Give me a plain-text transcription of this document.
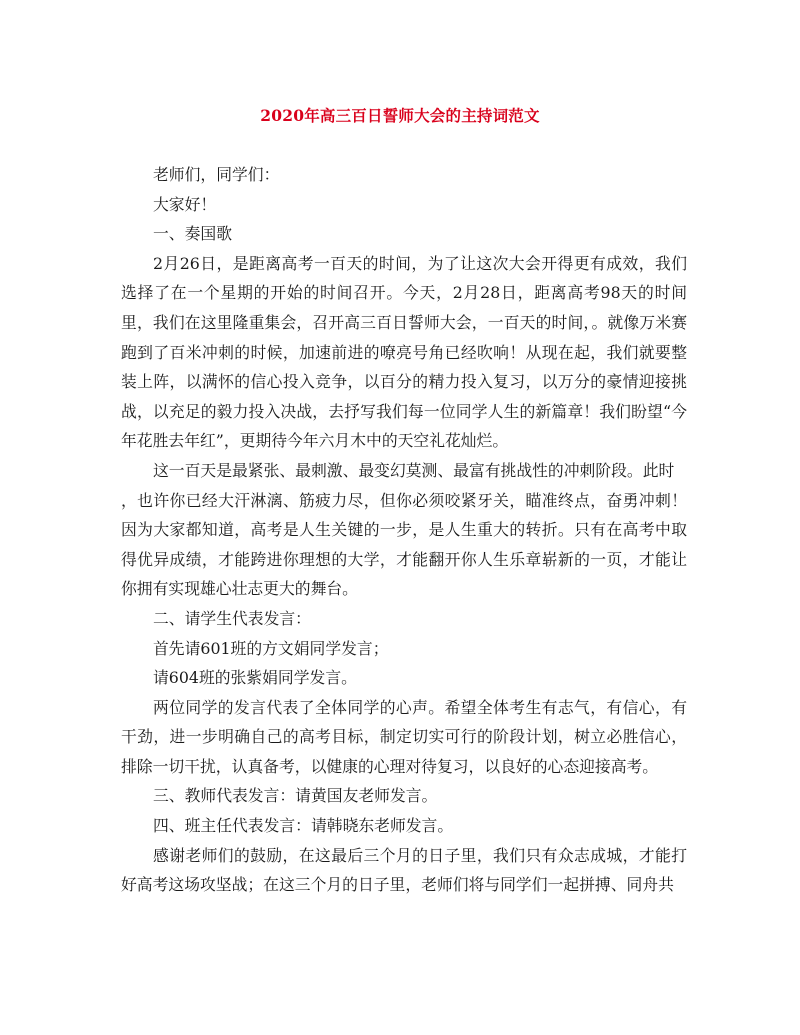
2020年高三百日誓师大会的主持词范文

老师们，同学们：

大家好！

一、奏国歌

2月26日，是距离高考一百天的时间，为了让这次大会开得更有成效，我们选择了在一个星期的开始的时间召开。今天，2月28日，距离高考98天的时间里，我们在这里隆重集会，召开高三百日誓师大会，一百天的时间，。就像万米赛跑到了百米冲刺的时候，加速前进的嘹亮号角已经吹响！从现在起，我们就要整装上阵，以满怀的信心投入竞争，以百分的精力投入复习，以万分的豪情迎接挑战，以充足的毅力投入决战，去抒写我们每一位同学人生的新篇章！我们盼望“今年花胜去年红”，更期待今年六月木中的天空礼花灿烂。

这一百天是最紧张、最刺激、最变幻莫测、最富有挑战性的冲刺阶段。此时

，也许你已经大汗淋漓、筋疲力尽，但你必须咬紧牙关，瞄准终点，奋勇冲刺！因为大家都知道，高考是人生关键的一步，是人生重大的转折。只有在高考中取得优异成绩，才能跨进你理想的大学，才能翻开你人生乐章崭新的一页，才能让你拥有实现雄心壮志更大的舞台。

二、请学生代表发言：

首先请601班的方文娟同学发言；

请604班的张紫娟同学发言。

两位同学的发言代表了全体同学的心声。希望全体考生有志气，有信心，有干劲，进一步明确自己的高考目标，制定切实可行的阶段计划，树立必胜信心，排除一切干扰，认真备考，以健康的心理对待复习，以良好的心态迎接高考。

三、教师代表发言：请黄国友老师发言。

四、班主任代表发言：请韩晓东老师发言。

感谢老师们的鼓励，在这最后三个月的日子里，我们只有众志成城，才能打好高考这场攻坚战；在这三个月的日子里，老师们将与同学们一起拼搏、同舟共
